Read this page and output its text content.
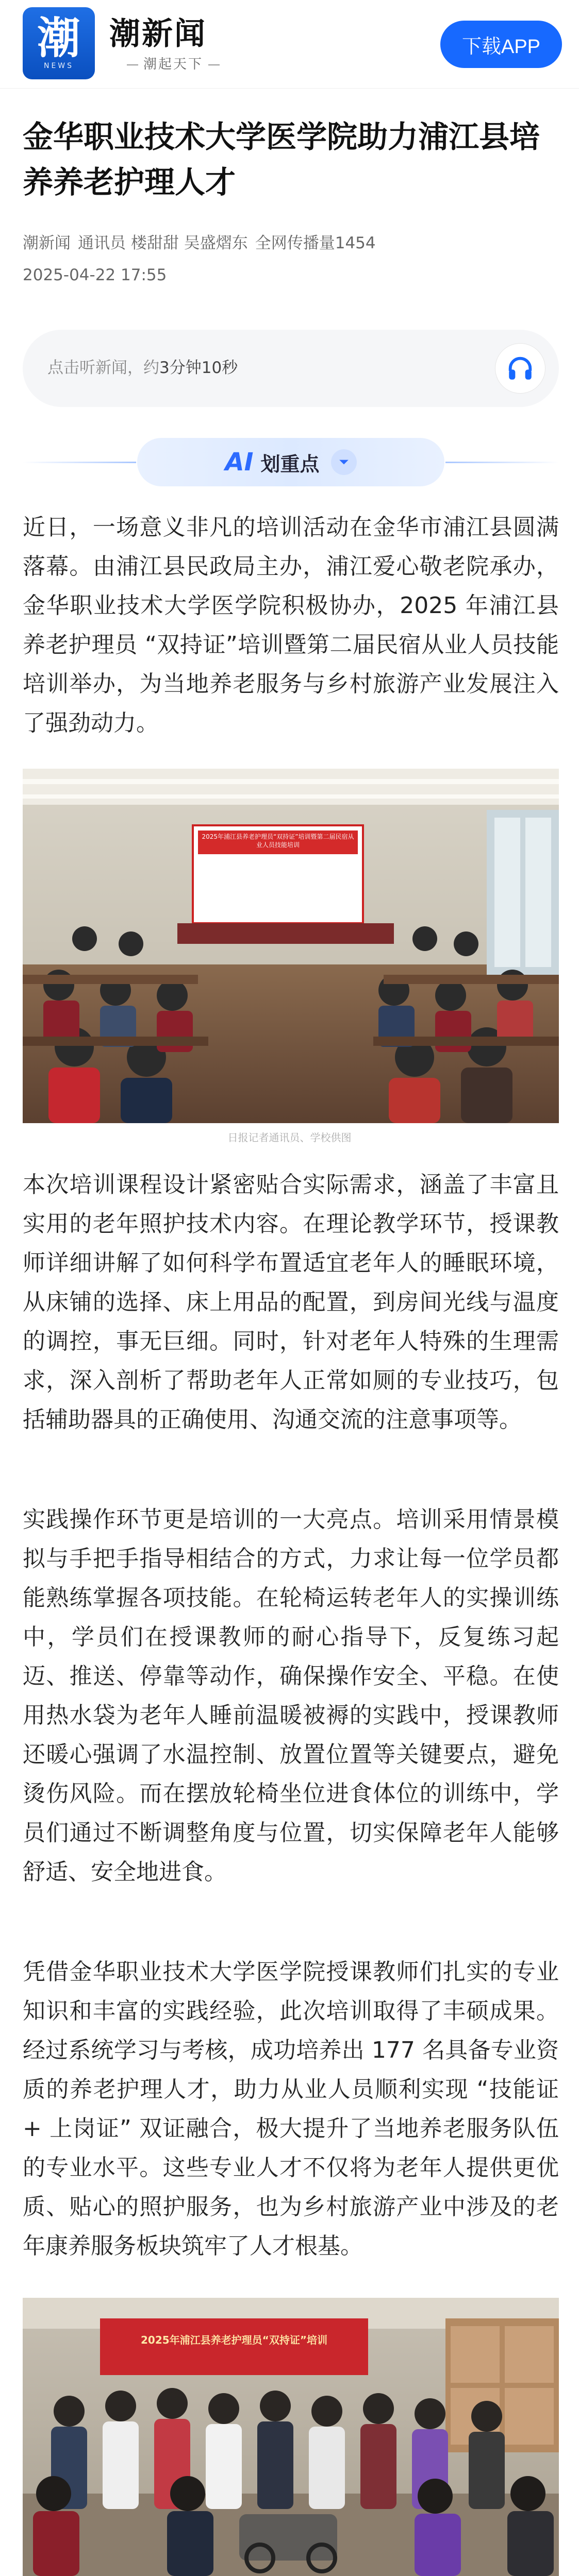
潮
NEWS
潮新闻
潮起天下
下载APP
金华职业技术大学医学院助力浦江县培养养老护理人才
潮新闻 通讯员 楼甜甜 吴盛熠东 全网传播量1454
2025-04-22 17:55
点击听新闻，约3分钟10秒
AI 划重点

近日，一场意义非凡的培训活动在金华市浦江县圆满落幕。由浦江县民政局主办，浦江爱心敬老院承办，金华职业技术大学医学院积极协办，2025 年浦江县养老护理员 “双持证”培训暨第二届民宿从业人员技能培训举办，为当地养老服务与乡村旅游产业发展注入了强劲动力。

2025年浦江县养老护理员“双持证”培训暨第二届民宿从业人员技能培训
日报记者通讯员、学校供图

本次培训课程设计紧密贴合实际需求，涵盖了丰富且实用的老年照护技术内容。在理论教学环节，授课教师详细讲解了如何科学布置适宜老年人的睡眠环境，从床铺的选择、床上用品的配置，到房间光线与温度的调控，事无巨细。同时，针对老年人特殊的生理需求，深入剖析了帮助老年人正常如厕的专业技巧，包括辅助器具的正确使用、沟通交流的注意事项等。

实践操作环节更是培训的一大亮点。培训采用情景模拟与手把手指导相结合的方式，力求让每一位学员都能熟练掌握各项技能。在轮椅运转老年人的实操训练中，学员们在授课教师的耐心指导下，反复练习起迈、推送、停靠等动作，确保操作安全、平稳。在使用热水袋为老年人睡前温暖被褥的实践中，授课教师还暖心强调了水温控制、放置位置等关键要点，避免烫伤风险。而在摆放轮椅坐位进食体位的训练中，学员们通过不断调整角度与位置，切实保障老年人能够舒适、安全地进食。

凭借金华职业技术大学医学院授课教师们扎实的专业知识和丰富的实践经验，此次培训取得了丰硕成果。经过系统学习与考核，成功培养出 177 名具备专业资质的养老护理人才，助力从业人员顺利实现 “技能证 + 上岗证” 双证融合，极大提升了当地养老服务队伍的专业水平。这些专业人才不仅将为老年人提供更优质、贴心的照护服务，也为乡村旅游产业中涉及的老年康养服务板块筑牢了人才根基。

2025年浦江县养老护理员“双持证”培训
